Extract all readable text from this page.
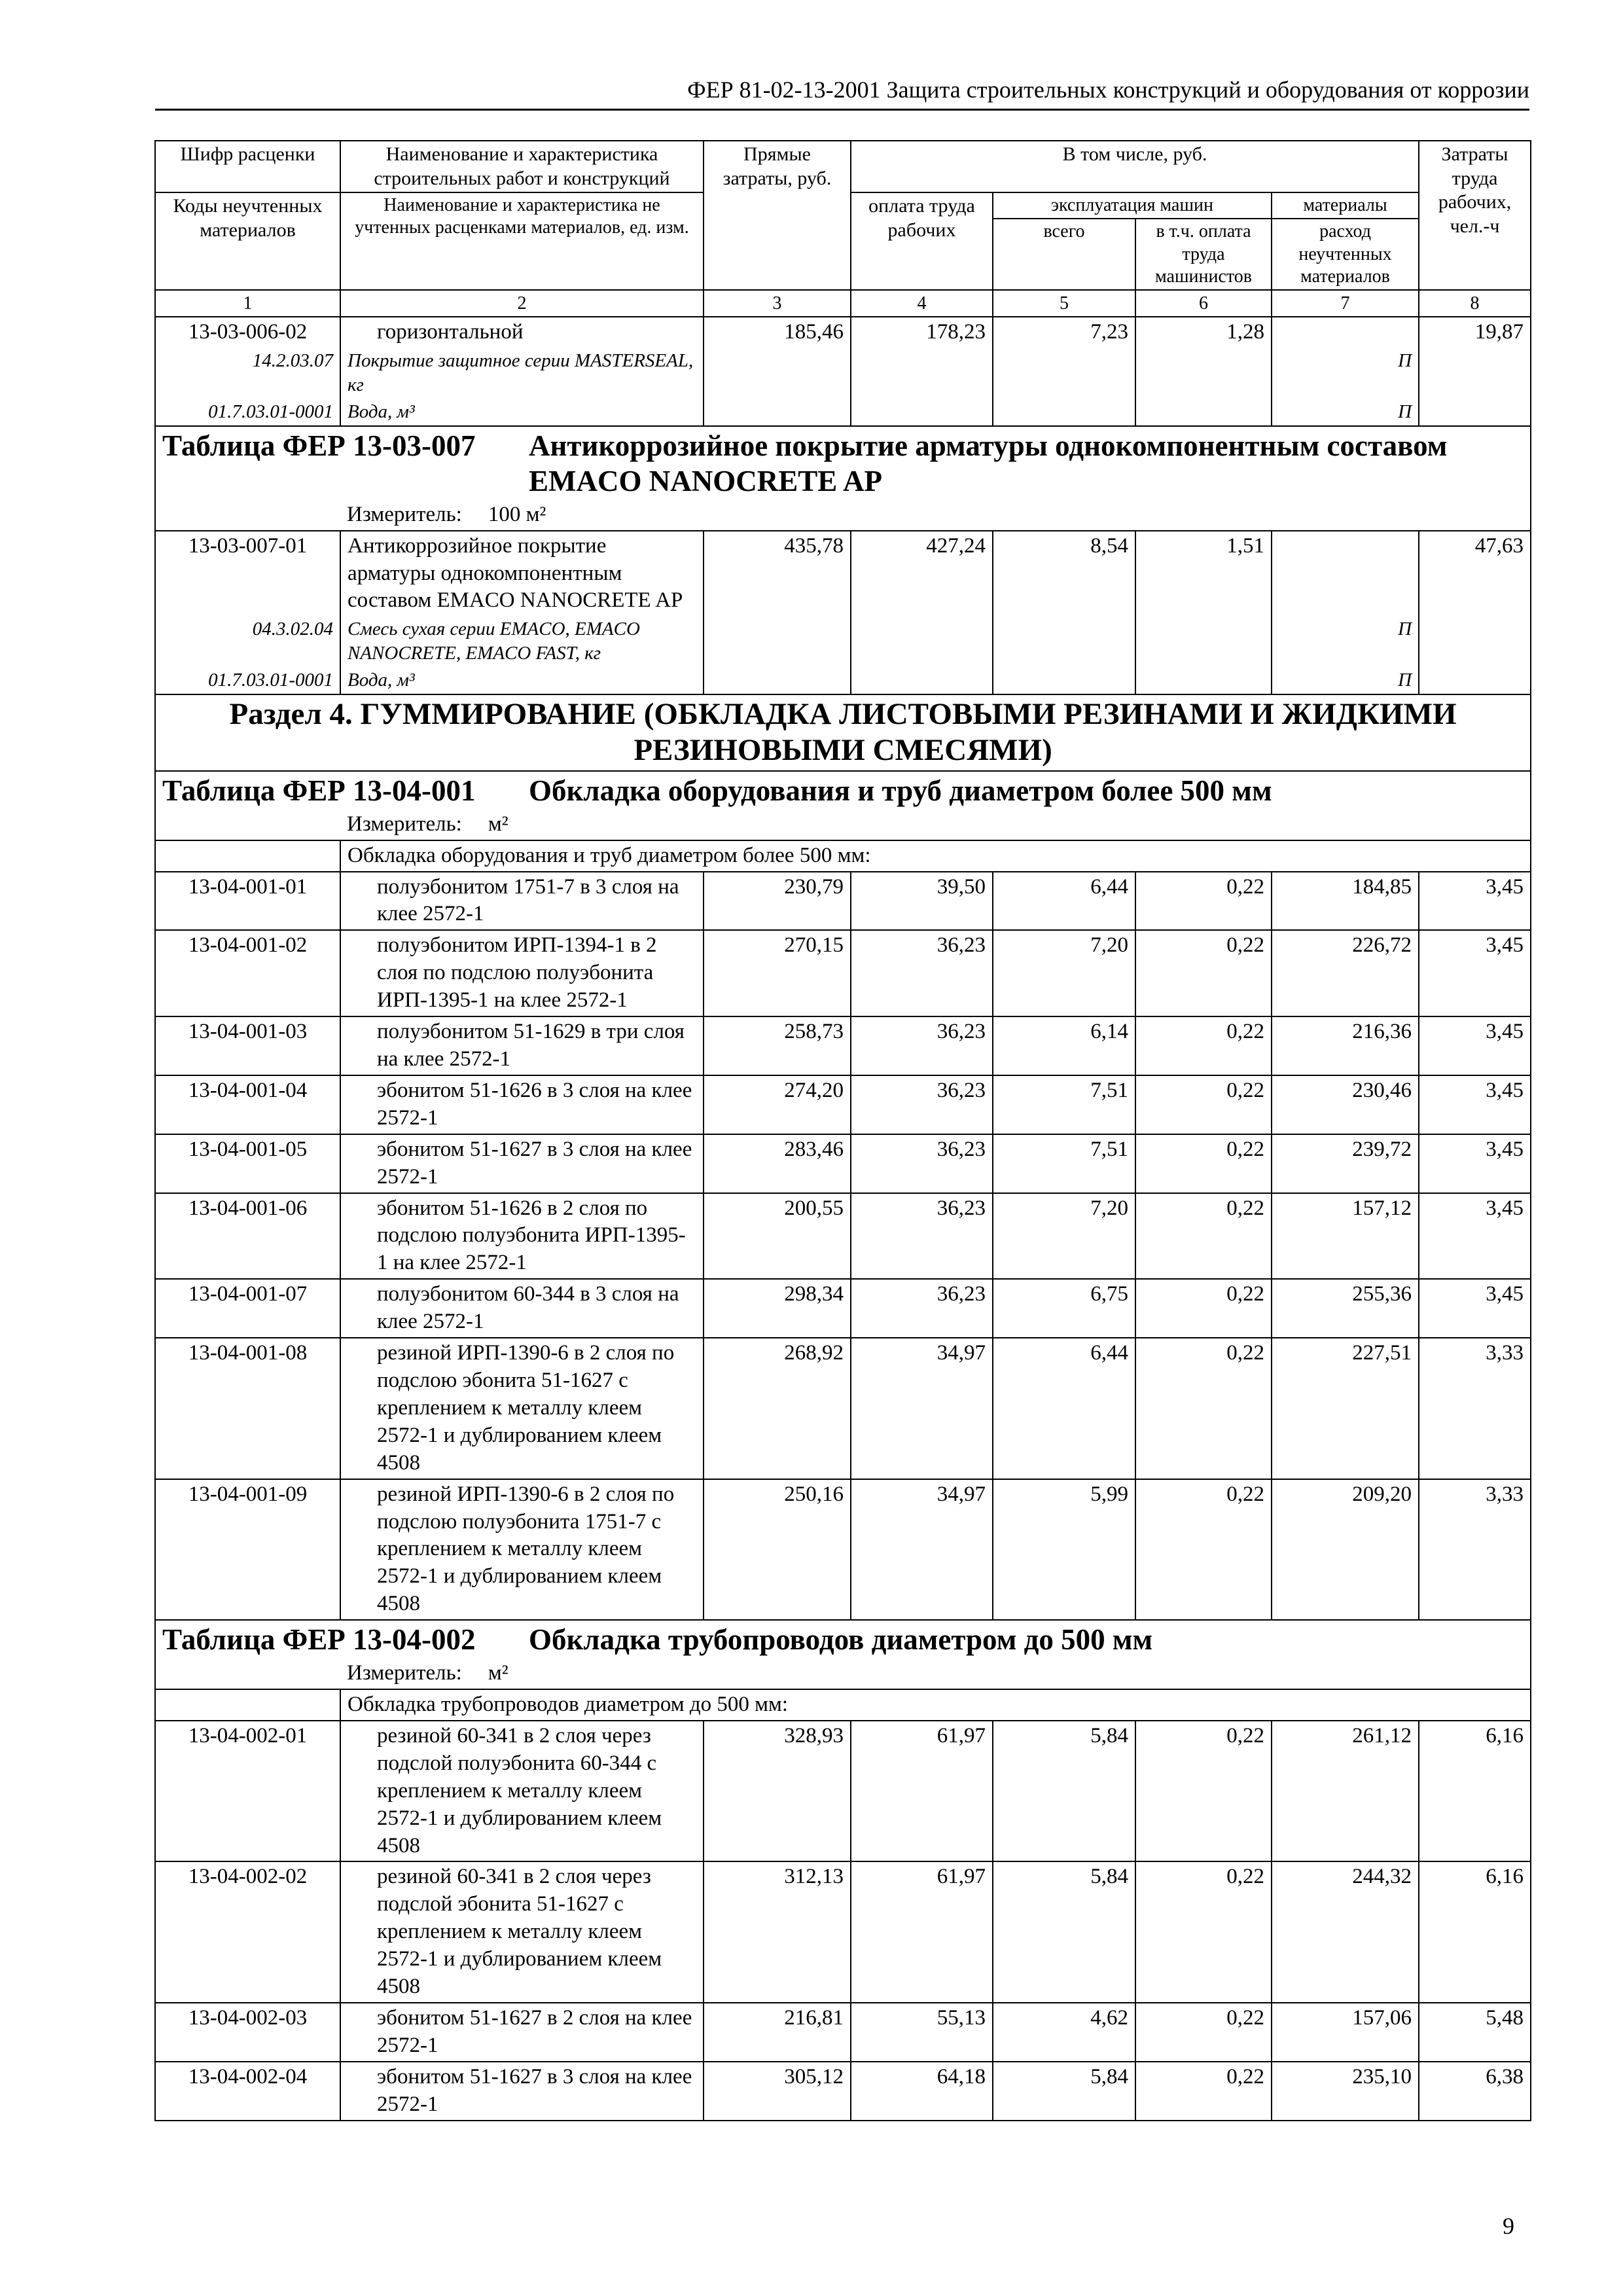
ФЕР 81-02-13-2001 Защита строительных конструкций и оборудования от коррозии
Шифр расценки	Наименование и характеристика строительных работ и конструкций	Прямые затраты, руб.	В том числе, руб.				Затраты труда рабочих, чел.-ч
Коды неучтенных материалов	Наименование и характеристика не учтенных расценками материалов, ед. изм.		оплата труда рабочих	эксплуатация машин		материалы	
				всего	в т.ч. оплата труда машинистов	расход неучтенных материалов	
1	2	3	4	5	6	7	8
13-03-006-02	горизонтальной	185,46	178,23	7,23	1,28		19,87
14.2.03.07	Покрытие защитное серии MASTERSEAL, кг					П	
01.7.03.01-0001	Вода, м³					П	

Таблица ФЕР 13-03-007 Антикоррозийное покрытие арматуры однокомпонентным составом EMACO NANOCRETE AP							

	Измеритель: 100 м²						
13-03-007-01	Антикоррозийное покрытие арматуры однокомпонентным составом EMACO NANOCRETE AP	435,78	427,24	8,54	1,51		47,63
04.3.02.04	Смесь сухая серии EMACO, EMACO NANOCRETE, EMACO FAST, кг					П	
01.7.03.01-0001	Вода, м³					П	
Раздел 4. ГУММИРОВАНИЕ (ОБКЛАДКА ЛИСТОВЫМИ РЕЗИНАМИ И ЖИДКИМИ РЕЗИНОВЫМИ СМЕСЯМИ)							

Таблица ФЕР 13-04-001 Обкладка оборудования и труб диаметром более 500 мм							

	Измеритель: м²						
	Обкладка оборудования и труб диаметром более 500 мм:						
13-04-001-01	полуэбонитом 1751-7 в 3 слоя на клее 2572-1	230,79	39,50	6,44	0,22	184,85	3,45
13-04-001-02	полуэбонитом ИРП-1394-1 в 2 слоя по подслою полуэбонита ИРП-1395-1 на клее 2572-1	270,15	36,23	7,20	0,22	226,72	3,45
13-04-001-03	полуэбонитом 51-1629 в три слоя на клее 2572-1	258,73	36,23	6,14	0,22	216,36	3,45
13-04-001-04	эбонитом 51-1626 в 3 слоя на клее 2572-1	274,20	36,23	7,51	0,22	230,46	3,45
13-04-001-05	эбонитом 51-1627 в 3 слоя на клее 2572-1	283,46	36,23	7,51	0,22	239,72	3,45
13-04-001-06	эбонитом 51-1626 в 2 слоя по подслою полуэбонита ИРП-1395-1 на клее 2572-1	200,55	36,23	7,20	0,22	157,12	3,45
13-04-001-07	полуэбонитом 60-344 в 3 слоя на клее 2572-1	298,34	36,23	6,75	0,22	255,36	3,45
13-04-001-08	резиной ИРП-1390-6 в 2 слоя по подслою эбонита 51-1627 с креплением к металлу клеем 2572-1 и дублированием клеем 4508	268,92	34,97	6,44	0,22	227,51	3,33
13-04-001-09	резиной ИРП-1390-6 в 2 слоя по подслою полуэбонита 1751-7 с креплением к металлу клеем 2572-1 и дублированием клеем 4508	250,16	34,97	5,99	0,22	209,20	3,33

Таблица ФЕР 13-04-002 Обкладка трубопроводов диаметром до 500 мм							

	Измеритель: м²						
	Обкладка трубопроводов диаметром до 500 мм:						
13-04-002-01	резиной 60-341 в 2 слоя через подслой полуэбонита 60-344 с креплением к металлу клеем 2572-1 и дублированием клеем 4508	328,93	61,97	5,84	0,22	261,12	6,16
13-04-002-02	резиной 60-341 в 2 слоя через подслой эбонита 51-1627 с креплением к металлу клеем 2572-1 и дублированием клеем 4508	312,13	61,97	5,84	0,22	244,32	6,16
13-04-002-03	эбонитом 51-1627 в 2 слоя на клее 2572-1	216,81	55,13	4,62	0,22	157,06	5,48
13-04-002-04	эбонитом 51-1627 в 3 слоя на клее 2572-1	305,12	64,18	5,84	0,22	235,10	6,38
9
